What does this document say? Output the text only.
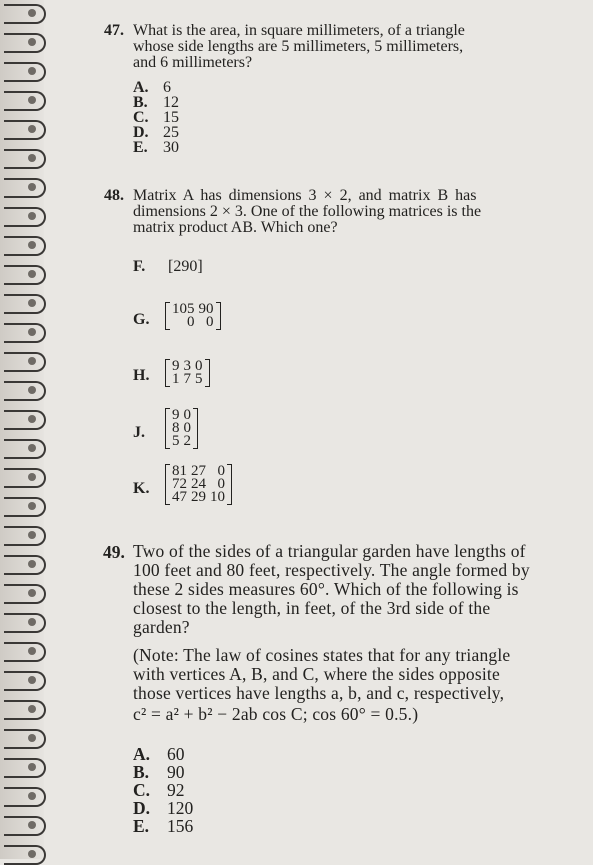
47. What is the area, in square millimeters, of a triangle
whose side lengths are 5 millimeters, 5 millimeters,
and 6 millimeters?
A. 6
B. 12
C. 15
D. 25
E. 30
48. Matrix A has dimensions 3 × 2, and matrix B has
dimensions 2 × 3. One of the following matrices is the
matrix product AB. Which one?
F. [290]
G.
105 90
0 0
H.
9 3 0
1 7 5
J.
9 0
8 0
5 2
K.
81 27 0
72 24 0
47 29 10
49. Two of the sides of a triangular garden have lengths of
100 feet and 80 feet, respectively. The angle formed by
these 2 sides measures 60°. Which of the following is
closest to the length, in feet, of the 3rd side of the
garden?
(Note: The law of cosines states that for any triangle
with vertices A, B, and C, where the sides opposite
those vertices have lengths a, b, and c, respectively,
c² = a² + b² − 2ab cos C; cos 60° = 0.5.)
A. 60
B. 90
C. 92
D. 120
E. 156
